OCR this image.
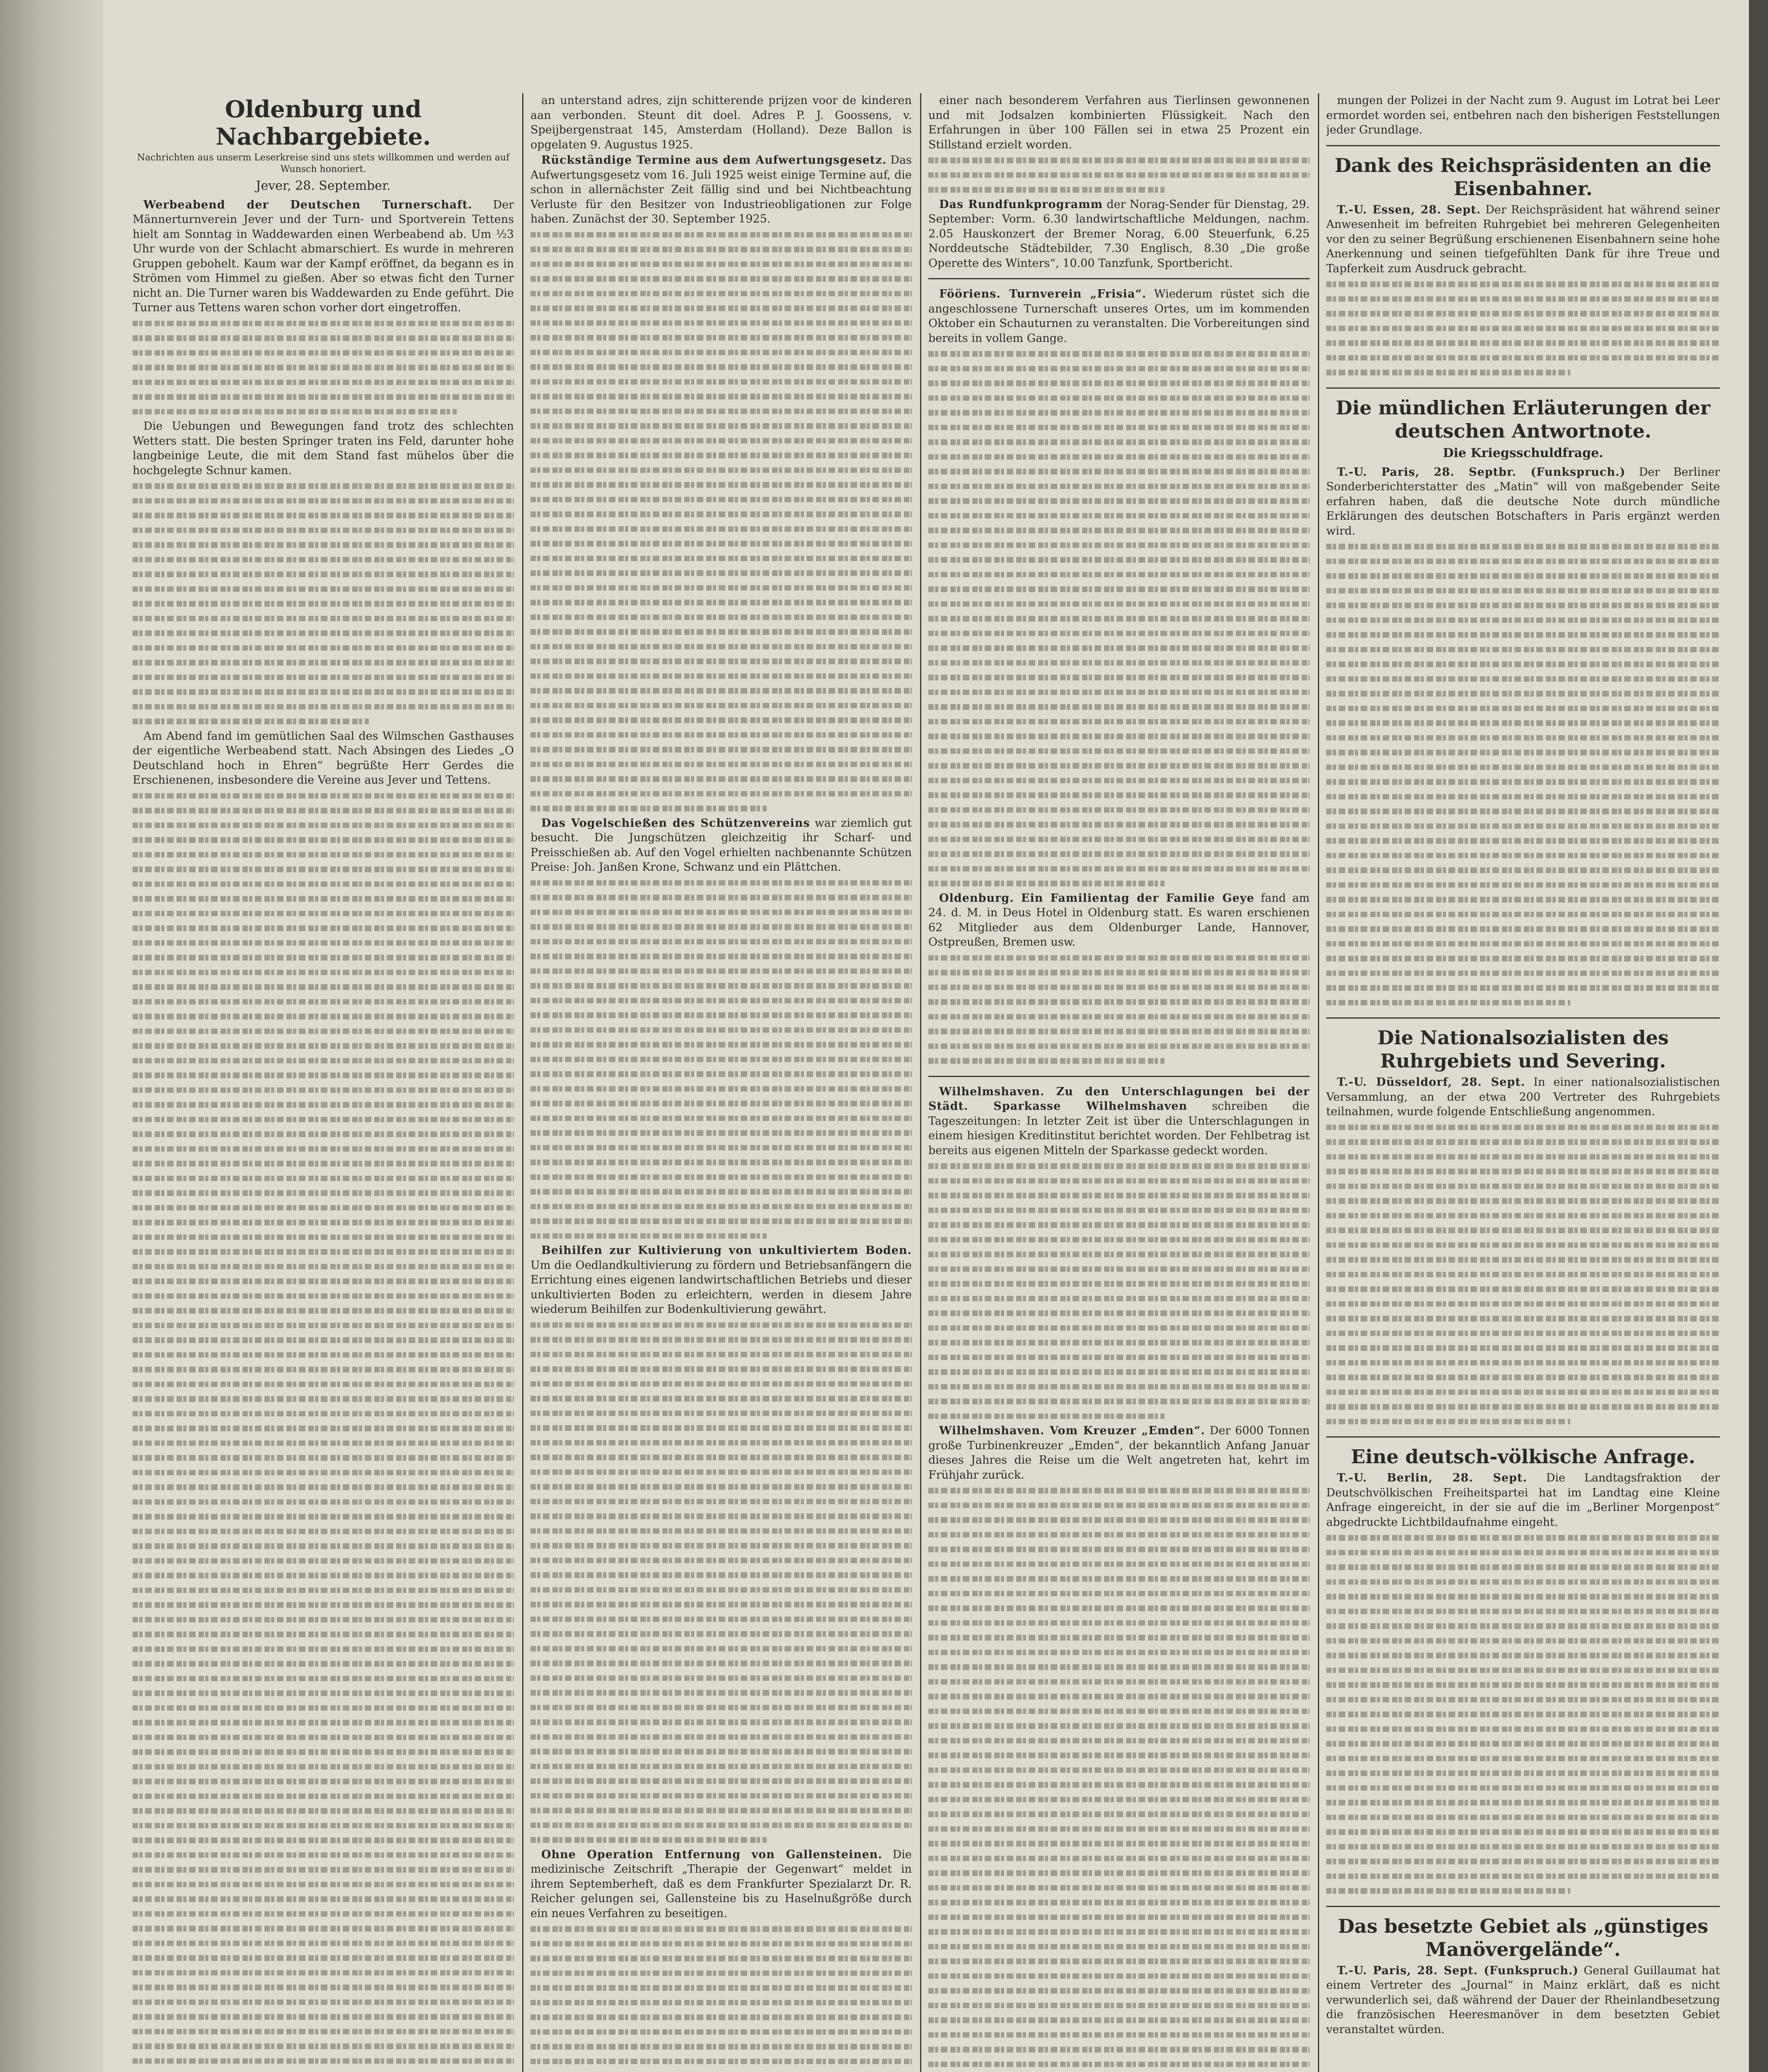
Oldenburg und Nachbargebiete.
Nachrichten aus unserm Leserkreise sind uns stets willkommen und werden auf Wunsch honoriert.
Jever, 28. September.

Werbeabend der Deutschen Turnerschaft. Der Männerturnverein Jever und der Turn- und Sportverein Tettens hielt am Sonntag in Waddewarden einen Werbeabend ab. Um ½3 Uhr wurde von der Schlacht abmarschiert. Es wurde in mehreren Gruppen gebohelt. Kaum war der Kampf eröffnet, da begann es in Strömen vom Himmel zu gießen. Aber so etwas ficht den Turner nicht an. Die Turner waren bis Waddewarden zu Ende geführt. Die Turner aus Tettens waren schon vorher dort eingetroffen.

Die Uebungen und Bewegungen fand trotz des schlechten Wetters statt. Die besten Springer traten ins Feld, darunter hohe langbeinige Leute, die mit dem Stand fast mühelos über die hochgelegte Schnur kamen.

Am Abend fand im gemütlichen Saal des Wilmschen Gasthauses der eigentliche Werbeabend statt. Nach Absingen des Liedes „O Deutschland hoch in Ehren“ begrüßte Herr Gerdes die Erschienenen, insbesondere die Vereine aus Jever und Tettens.

an unterstand adres, zijn schitterende prijzen voor de kinderen aan verbonden. Steunt dit doel. Adres P. J. Goossens, v. Speijbergenstraat 145, Amsterdam (Holland). Deze Ballon is opgelaten 9. Augustus 1925.

Rückständige Termine aus dem Aufwertungsgesetz. Das Aufwertungsgesetz vom 16. Juli 1925 weist einige Termine auf, die schon in allernächster Zeit fällig sind und bei Nichtbeachtung Verluste für den Besitzer von Industrieobligationen zur Folge haben. Zunächst der 30. September 1925.

Das Vogelschießen des Schützenvereins war ziemlich gut besucht. Die Jungschützen gleichzeitig ihr Scharf- und Preisschießen ab. Auf den Vogel erhielten nachbenannte Schützen Preise: Joh. Janßen Krone, Schwanz und ein Plättchen.

Beihilfen zur Kultivierung von unkultiviertem Boden. Um die Oedlandkultivierung zu fördern und Betriebsanfängern die Errichtung eines eigenen landwirtschaftlichen Betriebs und dieser unkultivierten Boden zu erleichtern, werden in diesem Jahre wiederum Beihilfen zur Bodenkultivierung gewährt.

Ohne Operation Entfernung von Gallensteinen. Die medizinische Zeitschrift „Therapie der Gegenwart“ meldet in ihrem Septemberheft, daß es dem Frankfurter Spezialarzt Dr. R. Reicher gelungen sei, Gallensteine bis zu Haselnußgröße durch ein neues Verfahren zu beseitigen.

einer nach besonderem Verfahren aus Tierlinsen gewonnenen und mit Jodsalzen kombinierten Flüssigkeit. Nach den Erfahrungen in über 100 Fällen sei in etwa 25 Prozent ein Stillstand erzielt worden.

Das Rundfunkprogramm der Norag-Sender für Dienstag, 29. September: Vorm. 6.30 landwirtschaftliche Meldungen, nachm. 2.05 Hauskonzert der Bremer Norag, 6.00 Steuerfunk, 6.25 Norddeutsche Städtebilder, 7.30 Englisch, 8.30 „Die große Operette des Winters“, 10.00 Tanzfunk, Sportbericht.

Fööriens. Turnverein „Frisia“. Wiederum rüstet sich die angeschlossene Turnerschaft unseres Ortes, um im kommenden Oktober ein Schauturnen zu veranstalten. Die Vorbereitungen sind bereits in vollem Gange.

Oldenburg. Ein Familientag der Familie Geye fand am 24. d. M. in Deus Hotel in Oldenburg statt. Es waren erschienen 62 Mitglieder aus dem Oldenburger Lande, Hannover, Ostpreußen, Bremen usw.

Wilhelmshaven. Zu den Unterschlagungen bei der Städt. Sparkasse Wilhelmshaven schreiben die Tageszeitungen: In letzter Zeit ist über die Unterschlagungen in einem hiesigen Kreditinstitut berichtet worden. Der Fehlbetrag ist bereits aus eigenen Mitteln der Sparkasse gedeckt worden.

Wilhelmshaven. Vom Kreuzer „Emden“. Der 6000 Tonnen große Turbinenkreuzer „Emden“, der bekanntlich Anfang Januar dieses Jahres die Reise um die Welt angetreten hat, kehrt im Frühjahr zurück.

mungen der Polizei in der Nacht zum 9. August im Lotrat bei Leer ermordet worden sei, entbehren nach den bisherigen Feststellungen jeder Grundlage.

Dank des Reichspräsidenten an die Eisenbahner.

T.-U. Essen, 28. Sept. Der Reichspräsident hat während seiner Anwesenheit im befreiten Ruhrgebiet bei mehreren Gelegenheiten vor den zu seiner Begrüßung erschienenen Eisenbahnern seine hohe Anerkennung und seinen tiefgefühlten Dank für ihre Treue und Tapferkeit zum Ausdruck gebracht.

Die mündlichen Erläuterungen der deutschen Antwortnote.
Die Kriegsschuldfrage.

T.-U. Paris, 28. Septbr. (Funkspruch.) Der Berliner Sonderberichterstatter des „Matin“ will von maßgebender Seite erfahren haben, daß die deutsche Note durch mündliche Erklärungen des deutschen Botschafters in Paris ergänzt werden wird.

Die Nationalsozialisten des Ruhrgebiets und Severing.

T.-U. Düsseldorf, 28. Sept. In einer nationalsozialistischen Versammlung, an der etwa 200 Vertreter des Ruhrgebiets teilnahmen, wurde folgende Entschließung angenommen.

Eine deutsch-völkische Anfrage.

T.-U. Berlin, 28. Sept. Die Landtagsfraktion der Deutschvölkischen Freiheitspartei hat im Landtag eine Kleine Anfrage eingereicht, in der sie auf die im „Berliner Morgenpost“ abgedruckte Lichtbildaufnahme eingeht.

Das besetzte Gebiet als „günstiges Manövergelände“.

T.-U. Paris, 28. Sept. (Funkspruch.) General Guillaumat hat einem Vertreter des „Journal“ in Mainz erklärt, daß es nicht verwunderlich sei, daß während der Dauer der Rheinlandbesetzung die französischen Heeresmanöver in dem besetzten Gebiet veranstaltet würden.
